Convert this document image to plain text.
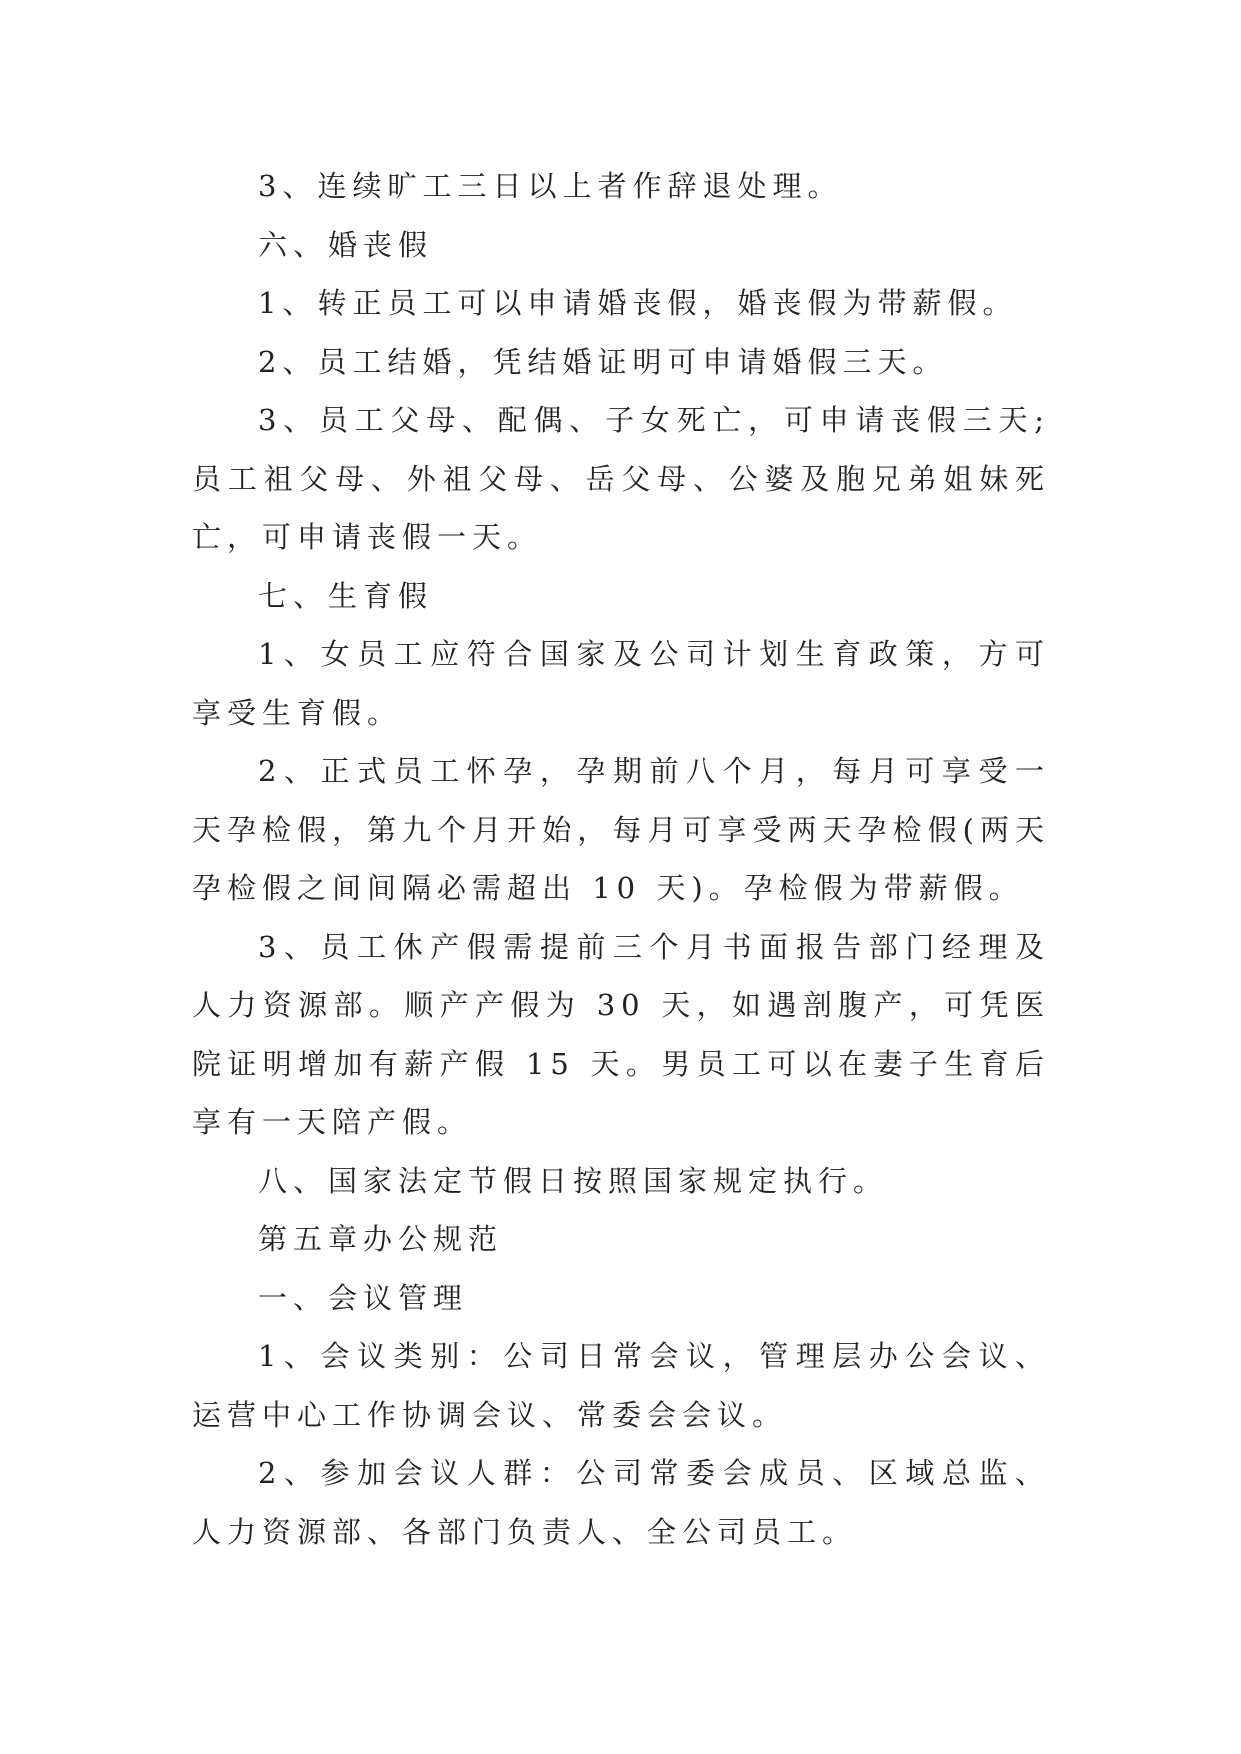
3、连续旷工三日以上者作辞退处理。

六、婚丧假

1、转正员工可以申请婚丧假，婚丧假为带薪假。

2、员工结婚，凭结婚证明可申请婚假三天。

3、员工父母、配偶、子女死亡，可申请丧假三天;员工祖父母、外祖父母、岳父母、公婆及胞兄弟姐妹死亡，可申请丧假一天。

七、生育假

1、女员工应符合国家及公司计划生育政策，方可享受生育假。

2、正式员工怀孕，孕期前八个月，每月可享受一天孕检假，第九个月开始，每月可享受两天孕检假(两天孕检假之间间隔必需超出 10 天)。孕检假为带薪假。

3、员工休产假需提前三个月书面报告部门经理及人力资源部。顺产产假为 30 天，如遇剖腹产，可凭医院证明增加有薪产假 15 天。男员工可以在妻子生育后享有一天陪产假。

八、国家法定节假日按照国家规定执行。

第五章办公规范

一、会议管理

1、会议类别：公司日常会议，管理层办公会议、运营中心工作协调会议、常委会会议。

2、参加会议人群：公司常委会成员、区域总监、人力资源部、各部门负责人、全公司员工。
